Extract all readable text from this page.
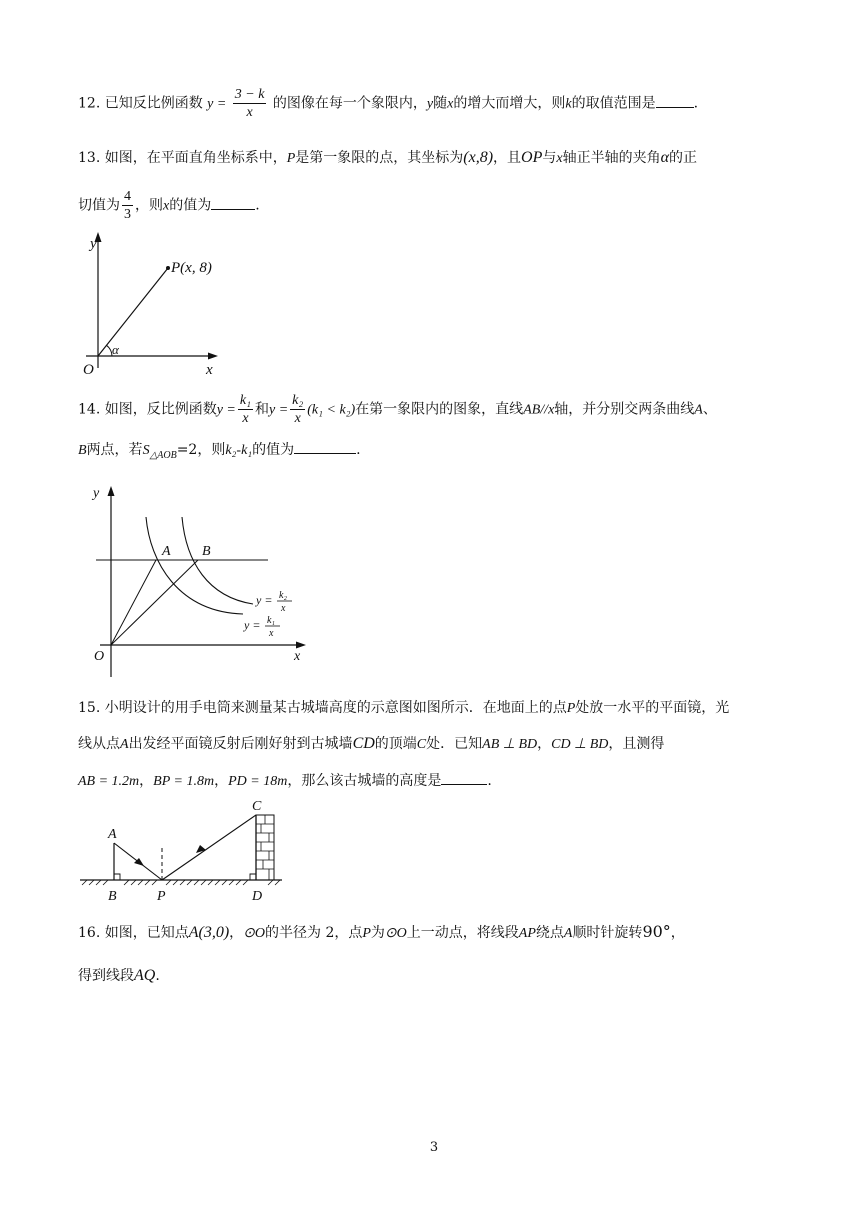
12. 已知反比例函数 $y = \frac{3 - k}{x}$ 的图像在每一个象限内，y随x的增大而增大，则k的取值范围是	.
13. 如图，在平面直角坐标系中，P是第一象限的点，其坐标为(x,8)，且OP与x轴正半轴的夹角α的正
切值为 $\frac{4}{3}$ ，则x的值为	.
y
x
O
α
P(x, 8)
14. 如图，反比例函数$y = \frac{\text{k₁}}{x}$ 和$y = \frac{\text{k₂}}{x} (k_1 < k_2)$在第一象限内的图象，直线AB//x轴，并分别交两条曲线A、
B两点，若$S_{\triangle AOB}=2$，则k₂-k₁的值为	.
A B
y
x
O
y = k₂
x
y = k₁
x
15. 小明设计的用手电筒来测量某古城墙高度的示意图如图所示．在地面上的点P处放一水平的平面镜，光
线从点A出发经平面镜反射后刚好射到古城墙CD的顶端C处．已知AB ⊥ BD，CD ⊥ BD，且测得
AB = 1.2m，BP = 1.8m，PD = 18m，那么该古城墙的高度是	.
A
B	P
C
D
16. 如图，已知点A(3,0)，⊙O的半径为 2，点P为⊙O上一动点，将线段AP绕点A顺时针旋转90°，
得到线段AQ.
3
